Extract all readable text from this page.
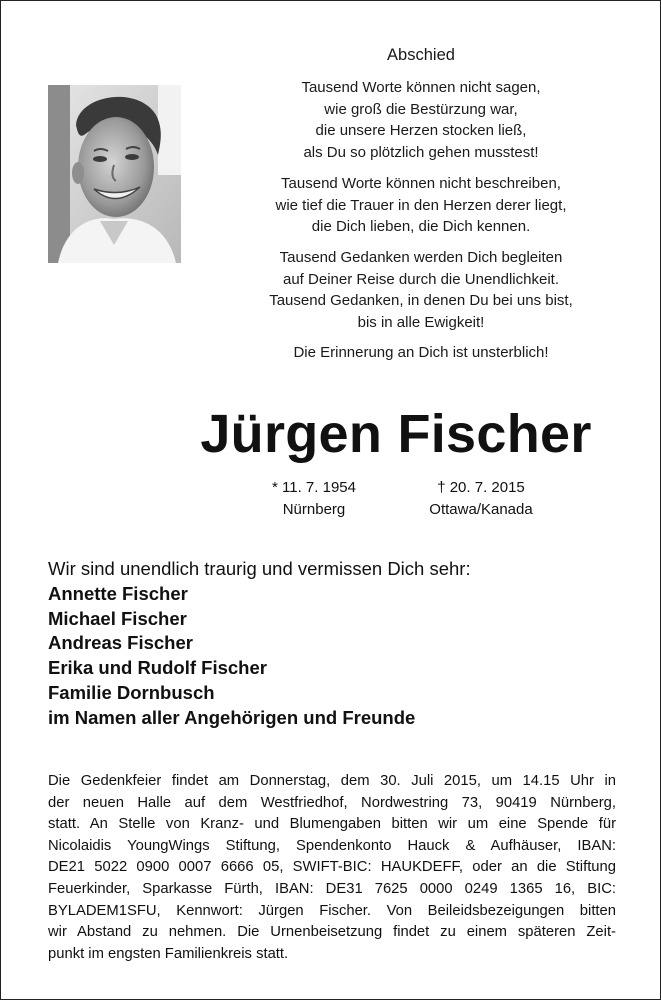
Abschied
Tausend Worte können nicht sagen,
wie groß die Bestürzung war,
die unsere Herzen stocken ließ,
als Du so plötzlich gehen musstest!
Tausend Worte können nicht beschreiben,
wie tief die Trauer in den Herzen derer liegt,
die Dich lieben, die Dich kennen.
Tausend Gedanken werden Dich begleiten
auf Deiner Reise durch die Unendlichkeit.
Tausend Gedanken, in denen Du bei uns bist,
bis in alle Ewigkeit!
Die Erinnerung an Dich ist unsterblich!
Jürgen Fischer
* 11. 7. 1954
Nürnberg
† 20. 7. 2015
Ottawa/Kanada
Wir sind unendlich traurig und vermissen Dich sehr:
Annette Fischer
Michael Fischer
Andreas Fischer
Erika und Rudolf Fischer
Familie Dornbusch
im Namen aller Angehörigen und Freunde
Die Gedenkfeier findet am Donnerstag, dem 30. Juli 2015, um 14.15 Uhr in
der neuen Halle auf dem Westfriedhof, Nordwestring 73, 90419 Nürnberg,
statt. An Stelle von Kranz- und Blumengaben bitten wir um eine Spende für
Nicolaidis YoungWings Stiftung, Spendenkonto Hauck & Aufhäuser, IBAN:
DE21 5022 0900 0007 6666 05, SWIFT-BIC: HAUKDEFF, oder an die Stiftung
Feuerkinder, Sparkasse Fürth, IBAN: DE31 7625 0000 0249 1365 16, BIC:
BYLADEM1SFU, Kennwort: Jürgen Fischer. Von Beileidsbezeigungen bitten
wir Abstand zu nehmen. Die Urnenbeisetzung findet zu einem späteren Zeit-
punkt im engsten Familienkreis statt.
